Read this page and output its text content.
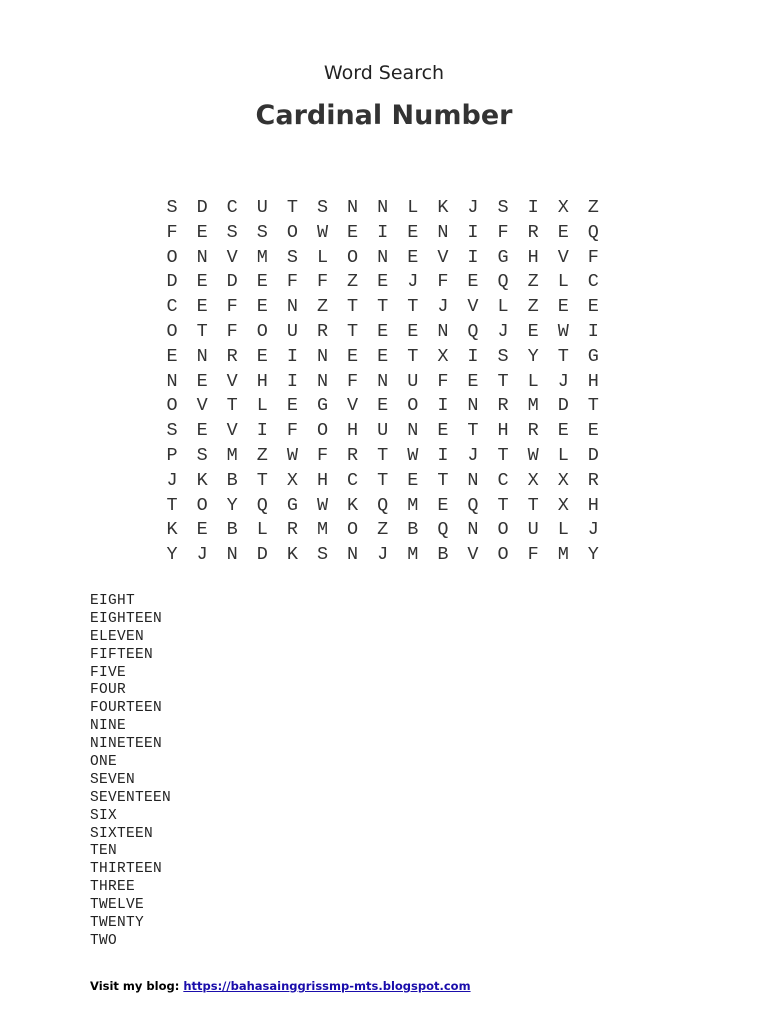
Word Search
Cardinal Number
S	D	C	U	T	S	N	N	L	K	J	S	I	X	Z
F	E	S	S	O	W	E	I	E	N	I	F	R	E	Q
O	N	V	M	S	L	O	N	E	V	I	G	H	V	F
D	E	D	E	F	F	Z	E	J	F	E	Q	Z	L	C
C	E	F	E	N	Z	T	T	T	J	V	L	Z	E	E
O	T	F	O	U	R	T	E	E	N	Q	J	E	W	I
E	N	R	E	I	N	E	E	T	X	I	S	Y	T	G
N	E	V	H	I	N	F	N	U	F	E	T	L	J	H
O	V	T	L	E	G	V	E	O	I	N	R	M	D	T
S	E	V	I	F	O	H	U	N	E	T	H	R	E	E
P	S	M	Z	W	F	R	T	W	I	J	T	W	L	D
J	K	B	T	X	H	C	T	E	T	N	C	X	X	R
T	O	Y	Q	G	W	K	Q	M	E	Q	T	T	X	H
K	E	B	L	R	M	O	Z	B	Q	N	O	U	L	J
Y	J	N	D	K	S	N	J	M	B	V	O	F	M	Y
EIGHT
EIGHTEEN
ELEVEN
FIFTEEN
FIVE
FOUR
FOURTEEN
NINE
NINETEEN
ONE
SEVEN
SEVENTEEN
SIX
SIXTEEN
TEN
THIRTEEN
THREE
TWELVE
TWENTY
TWO
Visit my blog: https://bahasainggrissmp-mts.blogspot.com
